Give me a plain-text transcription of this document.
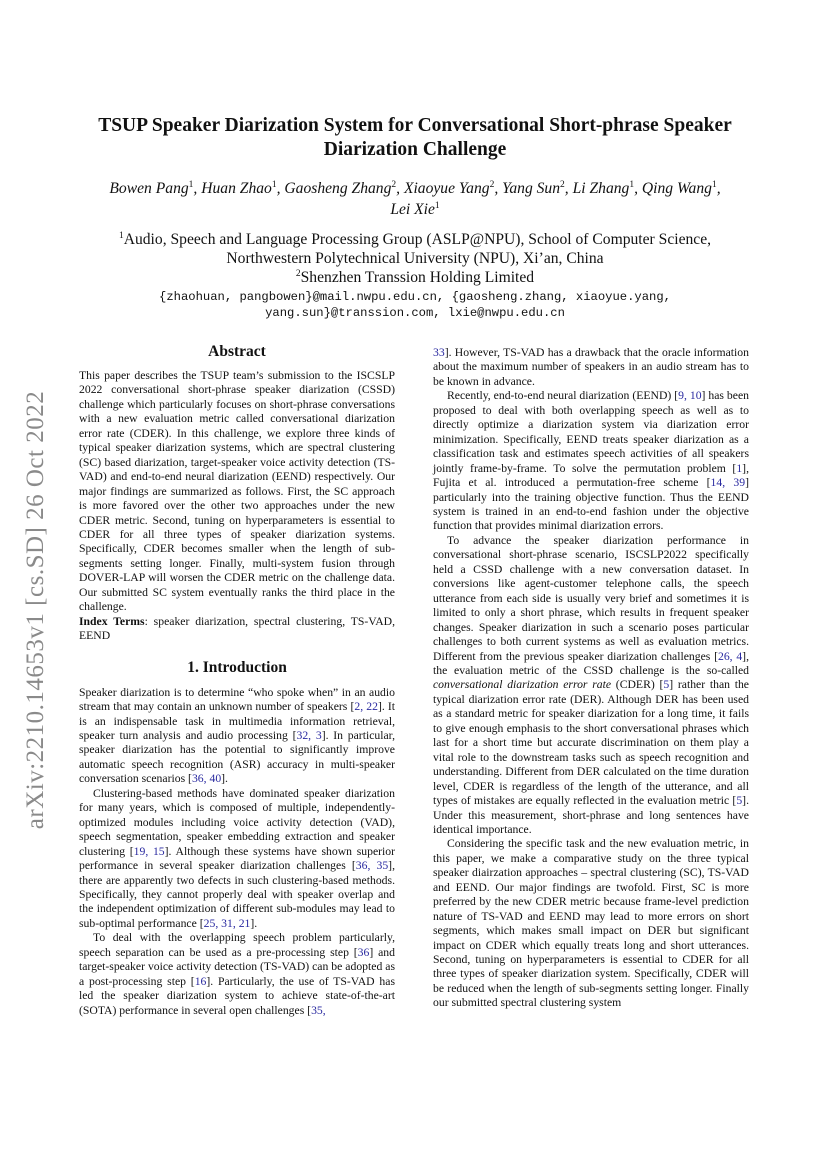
arXiv:2210.14653v1 [cs.SD] 26 Oct 2022
TSUP Speaker Diarization System for Conversational Short-phrase Speaker Diarization Challenge
Bowen Pang$^1$, Huan Zhao$^1$, Gaosheng Zhang$^2$, Xiaoyue Yang$^2$, Yang Sun$^2$, Li Zhang$^1$, Qing Wang$^1$,
Lei Xie$^1$
$^1$Audio, Speech and Language Processing Group (ASLP@NPU), School of Computer Science,
Northwestern Polytechnical University (NPU), Xi’an, China
$^2$Shenzhen Transsion Holding Limited
{zhaohuan, pangbowen}@mail.nwpu.edu.cn, {gaosheng.zhang, xiaoyue.yang,
yang.sun}@transsion.com, lxie@nwpu.edu.cn
Abstract

This paper describes the TSUP team’s submission to the ISCSLP 2022 conversational short-phrase speaker diarization (CSSD) challenge which particularly focuses on short-phrase conversations with a new evaluation metric called conversational diarization error rate (CDER). In this challenge, we explore three kinds of typical speaker diarization systems, which are spectral clustering (SC) based diarization, target-speaker voice activity detection (TS-VAD) and end-to-end neural diarization (EEND) respectively. Our major findings are summarized as follows. First, the SC approach is more favored over the other two approaches under the new CDER metric. Second, tuning on hyperparameters is essential to CDER for all three types of speaker diarization systems. Specifically, CDER becomes smaller when the length of sub-segments setting longer. Finally, multi-system fusion through DOVER-LAP will worsen the CDER metric on the challenge data. Our submitted SC system eventually ranks the third place in the challenge.

Index Terms: speaker diarization, spectral clustering, TS-VAD, EEND

1. Introduction

Speaker diarization is to determine “who spoke when” in an audio stream that may contain an unknown number of speakers [2, 22]. It is an indispensable task in multimedia information retrieval, speaker turn analysis and audio processing [32, 3]. In particular, speaker diarization has the potential to significantly improve automatic speech recognition (ASR) accuracy in multi-speaker conversation scenarios [36, 40].

Clustering-based methods have dominated speaker diarization for many years, which is composed of multiple, independently-optimized modules including voice activity detection (VAD), speech segmentation, speaker embedding extraction and speaker clustering [19, 15]. Although these systems have shown superior performance in several speaker diarization challenges [36, 35], there are apparently two defects in such clustering-based methods. Specifically, they cannot properly deal with speaker overlap and the independent optimization of different sub-modules may lead to sub-optimal performance [25, 31, 21].

To deal with the overlapping speech problem particularly, speech separation can be used as a pre-processing step [36] and target-speaker voice activity detection (TS-VAD) can be adopted as a post-processing step [16]. Particularly, the use of TS-VAD has led the speaker diarization system to achieve state-of-the-art (SOTA) performance in several open challenges [35,

33]. However, TS-VAD has a drawback that the oracle information about the maximum number of speakers in an audio stream has to be known in advance.

Recently, end-to-end neural diarization (EEND) [9, 10] has been proposed to deal with both overlapping speech as well as to directly optimize a diarization system via diarization error minimization. Specifically, EEND treats speaker diarization as a classification task and estimates speech activities of all speakers jointly frame-by-frame. To solve the permutation problem [1], Fujita et al. introduced a permutation-free scheme [14, 39] particularly into the training objective function. Thus the EEND system is trained in an end-to-end fashion under the objective function that provides minimal diarization errors.

To advance the speaker diarization performance in conversational short-phrase scenario, ISCSLP2022 specifically held a CSSD challenge with a new conversation dataset. In conversions like agent-customer telephone calls, the speech utterance from each side is usually very brief and sometimes it is limited to only a short phrase, which results in frequent speaker changes. Speaker diarization in such a scenario poses particular challenges to both current systems as well as evaluation metrics. Different from the previous speaker diarization challenges [26, 4], the evaluation metric of the CSSD challenge is the so-called conversational diarization error rate (CDER) [5] rather than the typical diarization error rate (DER). Although DER has been used as a standard metric for speaker diarization for a long time, it fails to give enough emphasis to the short conversational phrases which last for a short time but accurate discrimination on them play a vital role to the downstream tasks such as speech recognition and understanding. Different from DER calculated on the time duration level, CDER is regardless of the length of the utterance, and all types of mistakes are equally reflected in the evaluation metric [5]. Under this measurement, short-phrase and long sentences have identical importance.

Considering the specific task and the new evaluation metric, in this paper, we make a comparative study on the three typical speaker diairzation approaches – spectral clustering (SC), TS-VAD and EEND. Our major findings are twofold. First, SC is more preferred by the new CDER metric because frame-level prediction nature of TS-VAD and EEND may lead to more errors on short segments, which makes small impact on DER but significant impact on CDER which equally treats long and short utterances. Second, tuning on hyperparameters is essential to CDER for all three types of speaker diarization system. Specifically, CDER will be reduced when the length of sub-segments setting longer. Finally our submitted spectral clustering system
